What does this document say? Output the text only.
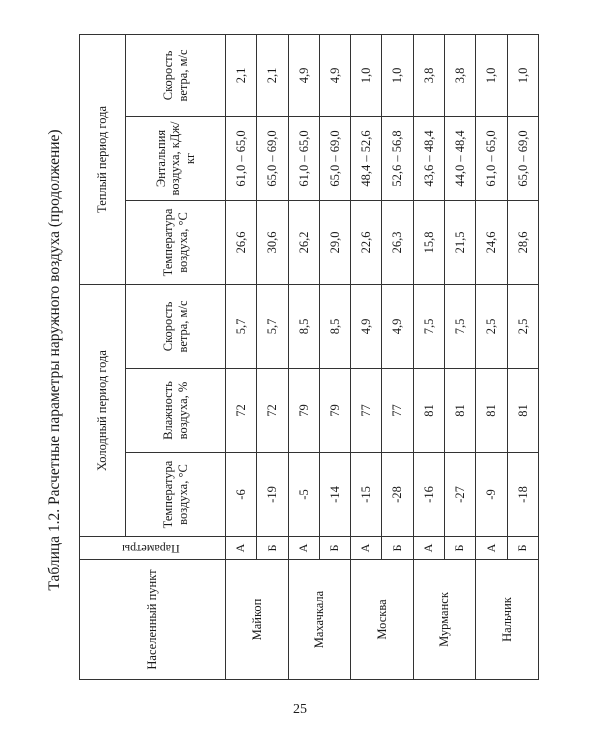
Таблица 1.2. Расчетные параметры наружного воздуха (продолжение)
Населенный пункт	Параметры	Холодный период года			Теплый период года		
		Температура воздуха, °С	Влажность воздуха, %	Скорость ветра, м/с	Температура воздуха, °С	Энтальпия воздуха, кДж/кг	Скорость ветра, м/с
Майкоп	А	-6	72	5,7	26,6	61,0 – 65,0	2,1
	Б	-19	72	5,7	30,6	65,0 – 69,0	2,1
Махачкала	А	-5	79	8,5	26,2	61,0 – 65,0	4,9
	Б	-14	79	8,5	29,0	65,0 – 69,0	4,9
Москва	А	-15	77	4,9	22,6	48,4 – 52,6	1,0
	Б	-28	77	4,9	26,3	52,6 – 56,8	1,0
Мурманск	А	-16	81	7,5	15,8	43,6 – 48,4	3,8
	Б	-27	81	7,5	21,5	44,0 – 48,4	3,8
Нальчик	А	-9	81	2,5	24,6	61,0 – 65,0	1,0
	Б	-18	81	2,5	28,6	65,0 – 69,0	1,0
25
